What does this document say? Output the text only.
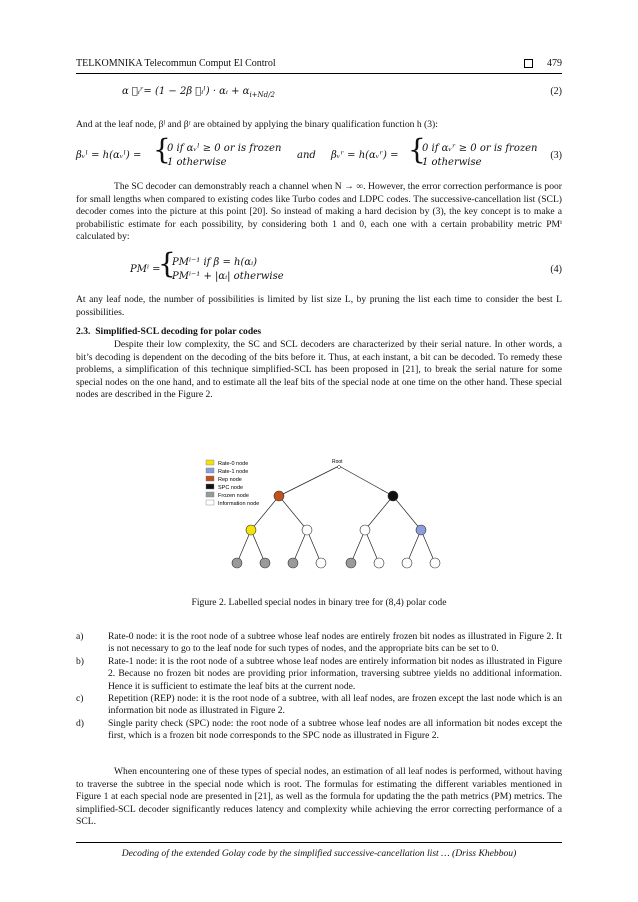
TELKOMNIKA Telecommun Comput El Control	479
α ⃡ᵢʳ= (1 − 2β ⃡ᵢˡ) · αᵢ + $\alpha_{i+Nd/2}$	(2)
And at the leaf node, βˡ and βʳ are obtained by applying the binary qualification function h (3):
βᵥˡ = h(αᵥˡ) = {
0 if αᵥˡ ≥ 0 or is frozen
1 otherwise
and βᵥʳ = h(αᵥʳ) = {
0 if αᵥʳ ≥ 0 or is frozen
1 otherwise
(3)
The SC decoder can demonstrably reach a channel when N → ∞. However, the error correction performance is poor for small lengths when compared to existing codes like Turbo codes and LDPC codes. The successive-cancellation list (SCL) decoder comes into the picture at this point [20]. So instead of making a hard decision by (3), the key concept is to make a probabilistic estimate for each possibility, by considering both 1 and 0, each one with a certain probability metric PMⁱ calculated by:
PMⁱ =
{
PMⁱ⁻¹ if β = h(αᵢ)
PMⁱ⁻¹ + |αᵢ| otherwise
(4)
At any leaf node, the number of possibilities is limited by list size L, by pruning the list each time to consider the best L possibilities.
2.3. Simplified-SCL decoding for polar codes
Despite their low complexity, the SC and SCL decoders are characterized by their serial nature. In other words, a bit’s decoding is dependent on the decoding of the bits before it. Thus, at each instant, a bit can be decoded. To remedy these problems, a simplification of this technique simplified-SCL has been proposed in [21], to break the serial nature for some special nodes on the one hand, and to estimate all the leaf bits of the special node at one time on the other hand. These special nodes are described in the Figure 2.
Rate-0 node
Rate-1 node
Rep node
SPC node
Frozen node
Information node
Root
Figure 2. Labelled special nodes in binary tree for (8,4) polar code
a)	Rate-0 node: it is the root node of a subtree whose leaf nodes are entirely frozen bit nodes as illustrated in Figure 2. It is not necessary to go to the leaf node for such types of nodes, and the appropriate bits can be set to 0.
b)	Rate-1 node: it is the root node of a subtree whose leaf nodes are entirely information bit nodes as illustrated in Figure 2. Because no frozen bit nodes are providing prior information, traversing subtree yields no additional information. Hence it is sufficient to estimate the leaf bits at the current node.
c)	Repetition (REP) node: it is the root node of a subtree, with all leaf nodes, are frozen except the last node which is an information bit node as illustrated in Figure 2.
d)	Single parity check (SPC) node: the root node of a subtree whose leaf nodes are all information bit nodes except the first, which is a frozen bit node corresponds to the SPC node as illustrated in Figure 2.
When encountering one of these types of special nodes, an estimation of all leaf nodes is performed, without having to traverse the subtree in the special node which is root. The formulas for estimating the different variables mentioned in Figure 1 at each special node are presented in [21], as well as the formula for updating the the path metrics (PM) metrics. The simplified-SCL decoder significantly reduces latency and complexity while achieving the error correcting performance of a SCL.
Decoding of the extended Golay code by the simplified successive-cancellation list … (Driss Khebbou)
